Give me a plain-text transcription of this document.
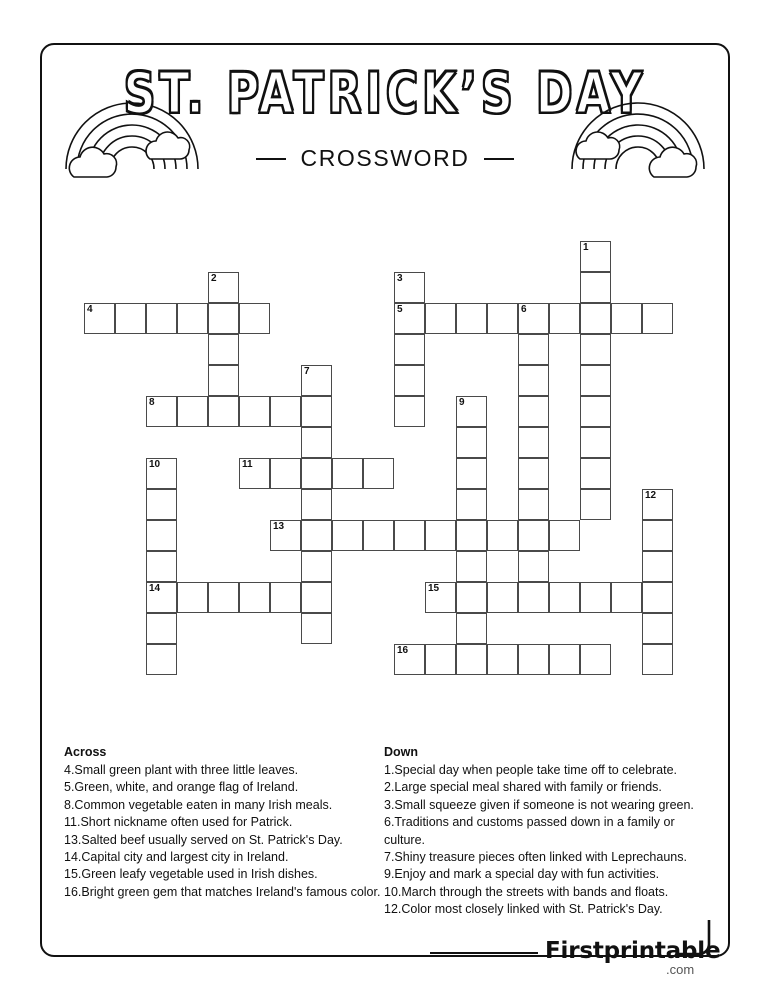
ST. PATRICK’S DAY
CROSSWORD
1
2	3
4	5	6
7
8	9
10	11
12
13
14	15
16
Across
4.Small green plant with three little leaves.
5.Green, white, and orange flag of Ireland.
8.Common vegetable eaten in many Irish meals.
11.Short nickname often used for Patrick.
13.Salted beef usually served on St. Patrick's Day.
14.Capital city and largest city in Ireland.
15.Green leafy vegetable used in Irish dishes.
16.Bright green gem that matches Ireland's famous color.
Down
1.Special day when people take time off to celebrate.
2.Large special meal shared with family or friends.
3.Small squeeze given if someone is not wearing green.
6.Traditions and customs passed down in a family or culture.
7.Shiny treasure pieces often linked with Leprechauns.
9.Enjoy and mark a special day with fun activities.
10.March through the streets with bands and floats.
12.Color most closely linked with St. Patrick's Day.
Firstprintable
.com
